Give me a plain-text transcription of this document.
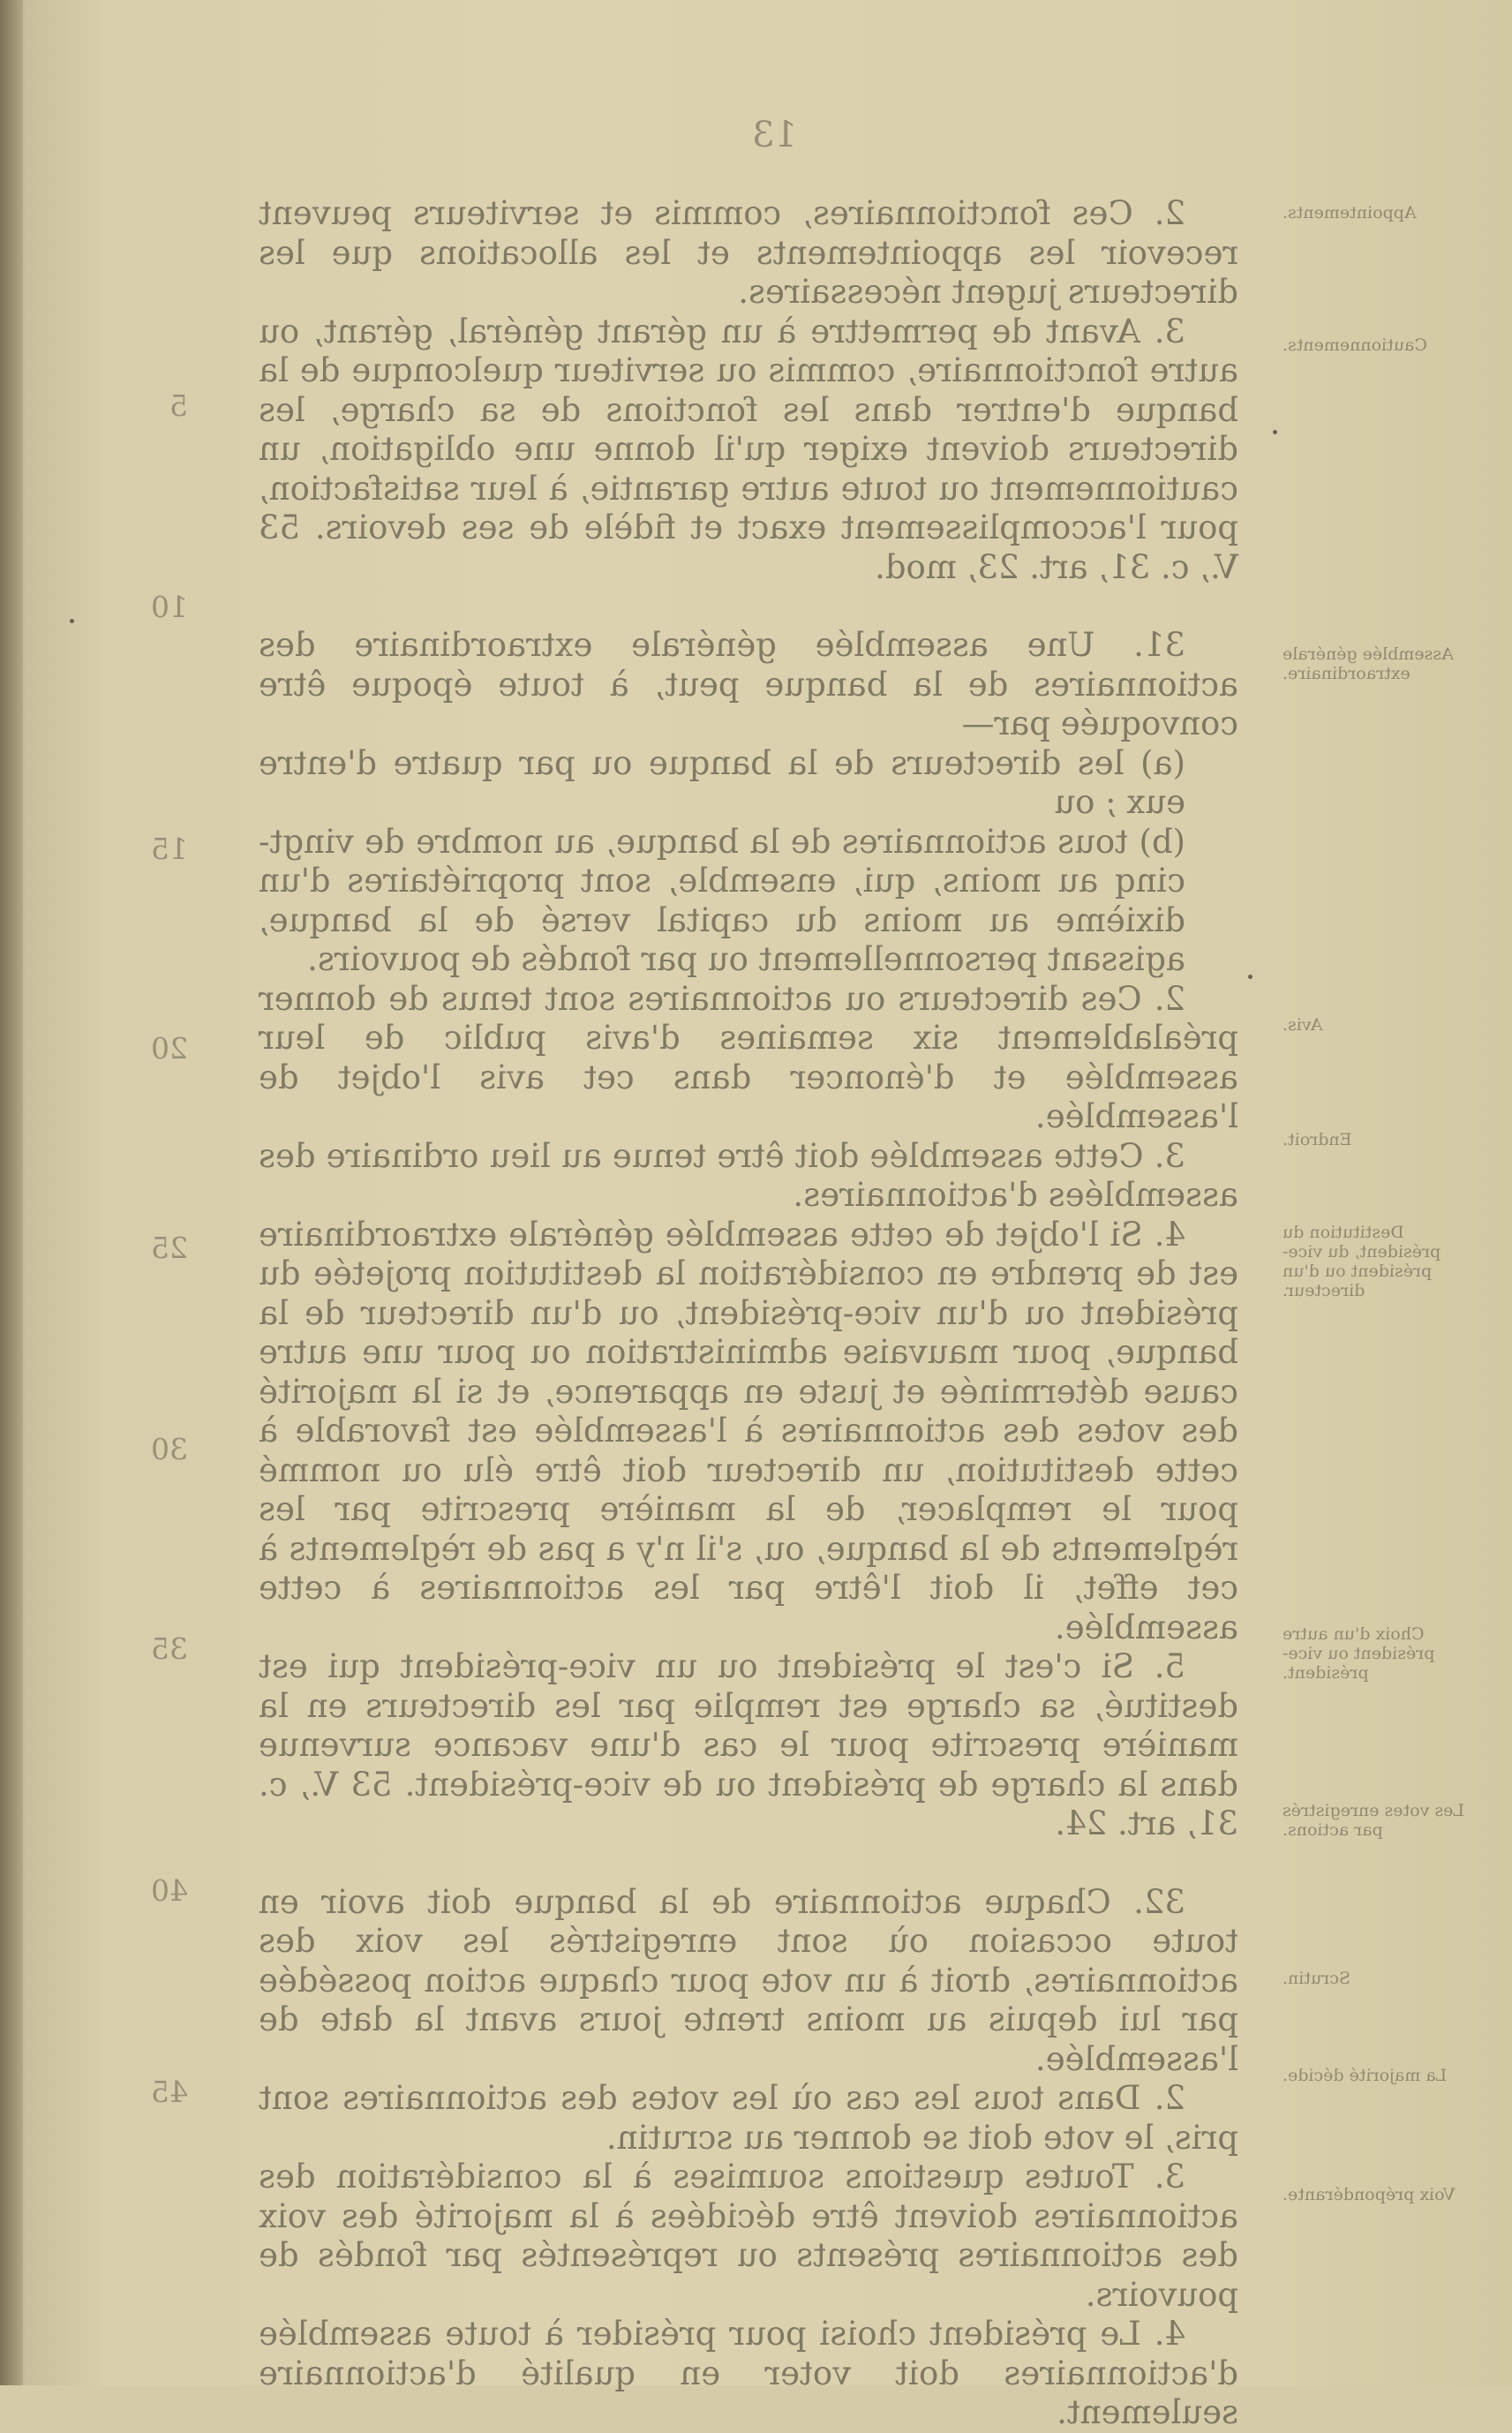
13

2. Ces fonctionnaires, commis et serviteurs peuvent recevoir les appointements et les allocations que les directeurs jugent nécessaires.

3. Avant de permettre à un gérant général, gérant, ou autre fonctionnaire, commis ou serviteur quelconque de la banque d'entrer dans les fonctions de sa charge, les directeurs doivent exiger qu'il donne une obligation, un cautionnement ou toute autre garantie, à leur satisfaction, pour l'accomplissement exact et fidèle de ses devoirs. 53 V., c. 31, art. 23, mod.

31. Une assemblée générale extraordinaire des actionnaires de la banque peut, à toute époque être convoquée par—

(a) les directeurs de la banque ou par quatre d'entre eux ; ou

(b) tous actionnaires de la banque, au nombre de vingt-cinq au moins, qui, ensemble, sont propriétaires d'un dixième au moins du capital versé de la banque, agissant personnellement ou par fondés de pouvoirs.

2. Ces directeurs ou actionnaires sont tenus de donner préalablement six semaines d'avis public de leur assemblée et d'énoncer dans cet avis l'objet de l'assemblée.

3. Cette assemblée doit être tenue au lieu ordinaire des assemblées d'actionnaires.

4. Si l'objet de cette assemblée générale extraordinaire est de prendre en considération la destitution projetée du président ou d'un vice-président, ou d'un directeur de la banque, pour mauvaise administration ou pour une autre cause déterminée et juste en apparence, et si la majorité des votes des actionnaires à l'assemblée est favorable à cette destitution, un directeur doit être élu ou nommé pour le remplacer, de la manière prescrite par les règlements de la banque, ou, s'il n'y a pas de règlements à cet effet, il doit l'être par les actionnaires à cette assemblée.

5. Si c'est le président ou un vice-président qui est destitué, sa charge est remplie par les directeurs en la manière prescrite pour le cas d'une vacance survenue dans la charge de président ou de vice-président. 53 V., c. 31, art. 24.

32. Chaque actionnaire de la banque doit avoir en toute occasion où sont enregistrés les voix des actionnaires, droit à un vote pour chaque action possédée par lui depuis au moins trente jours avant la date de l'assemblée.

2. Dans tous les cas où les votes des actionnaires sont pris, le vote doit se donner au scrutin.

3. Toutes questions soumises à la considération des actionnaires doivent être décidées à la majorité des voix des actionnaires présents ou représentés par fondés de pouvoirs.

4. Le président choisi pour présider à toute assemblée d'actionnaires doit voter en qualité d'actionnaire seulement.

Appointements.
Cautionnements.
Assemblée générale extraordinaire.
Avis.
Endroit.
Destitution du président, du vice-président ou d'un directeur.
Choix d'un autre président ou vice-président.
Les votes enregistrés par actions.
Scrutin.
La majorité décide.
Voix prépondérante.
5
10
15
20
25
30
35
40
45
